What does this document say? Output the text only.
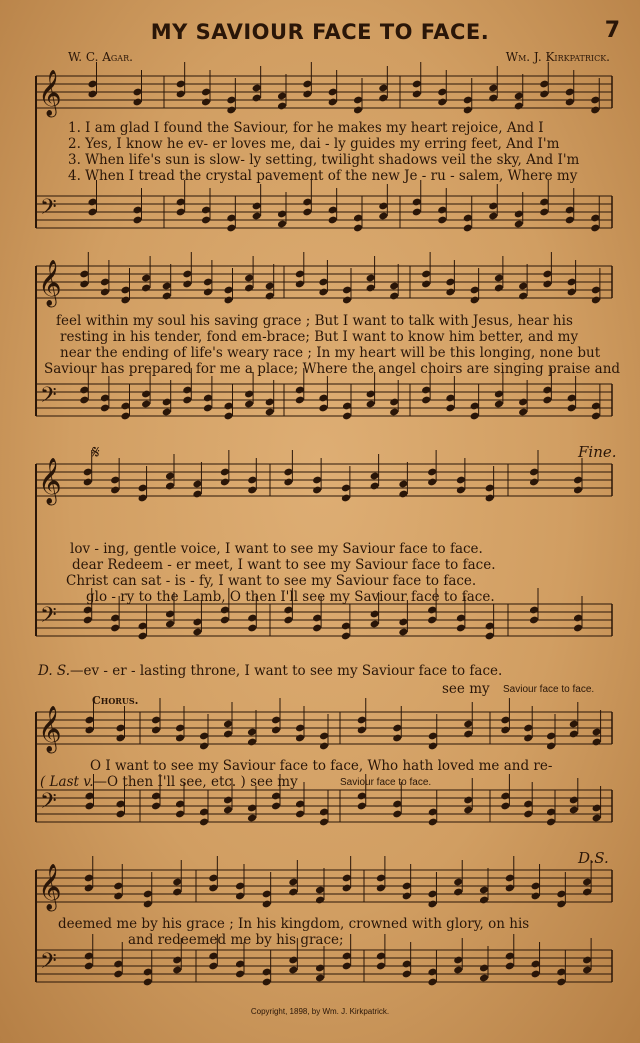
𝄞
𝄢
𝄞
𝄢
𝄞
𝄢
𝄞
𝄢
𝄞
𝄢
MY SAVIOUR FACE TO FACE.	7
W. C. Agar.	Wm. J. Kirkpatrick.
1. I am glad I found the Saviour, for he makes my heart rejoice, And I
2. Yes, I know he ev- er loves me, dai - ly guides my erring feet, And I'm
3. When life's sun is slow- ly setting, twilight shadows veil the sky, And I'm
4. When I tread the crystal pavement of the new Je - ru - salem, Where my
feel within my soul his saving grace ; But I want to talk with Jesus, hear his
resting in his tender, fond em-brace; But I want to know him better, and my
near the ending of life's weary race ; In my heart will be this longing, none but
Saviour has prepared for me a place; Where the angel choirs are singing praise and
𝄋	Fine.
lov - ing, gentle voice, I want to see my Saviour face to face.
dear Redeem - er meet, I want to see my Saviour face to face.
Christ can sat - is - fy, I want to see my Saviour face to face.
glo - ry to the Lamb, O then I'll see my Saviour face to face.
D. S.—ev - er - lasting throne, I want to see my Saviour face to face.
see my Saviour face to face.
Chorus.
O I want to see my Saviour face to face, Who hath loved me and re-
( Last v.—O then I'll see, etc. ) see my	Saviour face to face.
D.S.
deemed me by his grace ; In his kingdom, crowned with glory, on his
and redeemed me by his grace;
Copyright, 1898, by Wm. J. Kirkpatrick.
